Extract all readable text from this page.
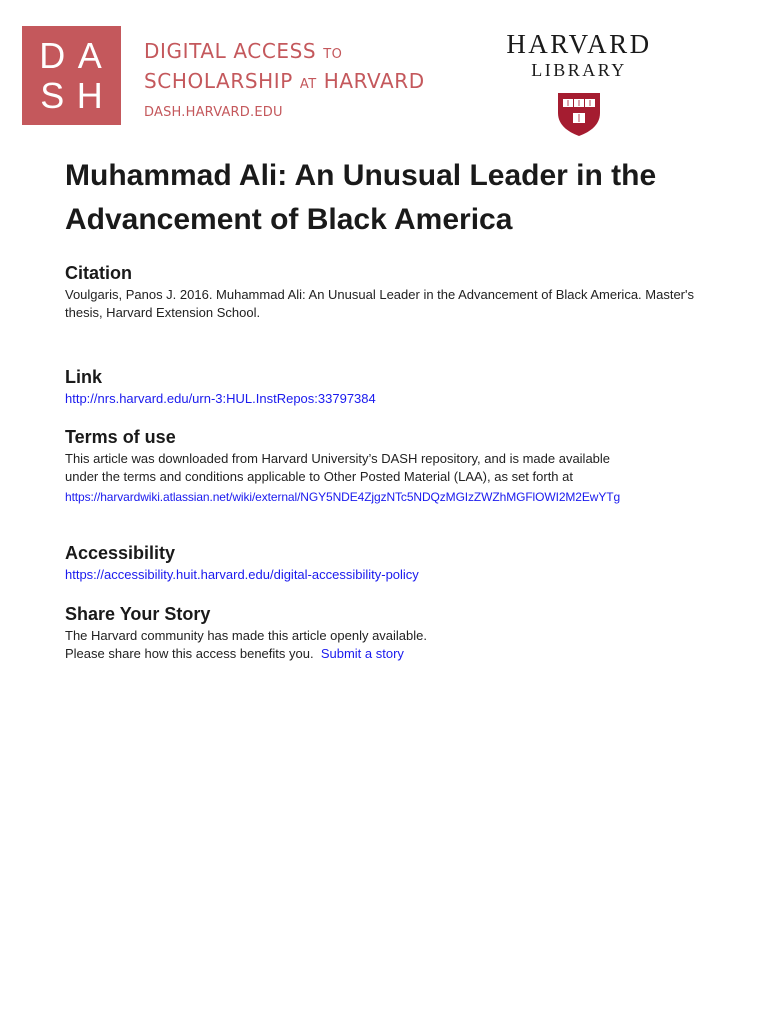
D A
S H
DIGITAL ACCESS TO
SCHOLARSHIP AT HARVARD
DASH.HARVARD.EDU
HARVARD
LIBRARY
Muhammad Ali: An Unusual Leader in the Advancement of Black America
Citation

Voulgaris, Panos J. 2016. Muhammad Ali: An Unusual Leader in the Advancement of Black America. Master's thesis, Harvard Extension School.

Link

http://nrs.harvard.edu/urn-3:HUL.InstRepos:33797384

Terms of use

This article was downloaded from Harvard University’s DASH repository, and is made available under the terms and conditions applicable to Other Posted Material (LAA), as set forth at

https://harvardwiki.atlassian.net/wiki/external/NGY5NDE4ZjgzNTc5NDQzMGIzZWZhMGFlOWI2M2EwYTg

Accessibility

https://accessibility.huit.harvard.edu/digital-accessibility-policy

Share Your Story

The Harvard community has made this article openly available.

Please share how this access benefits you. Submit a story
